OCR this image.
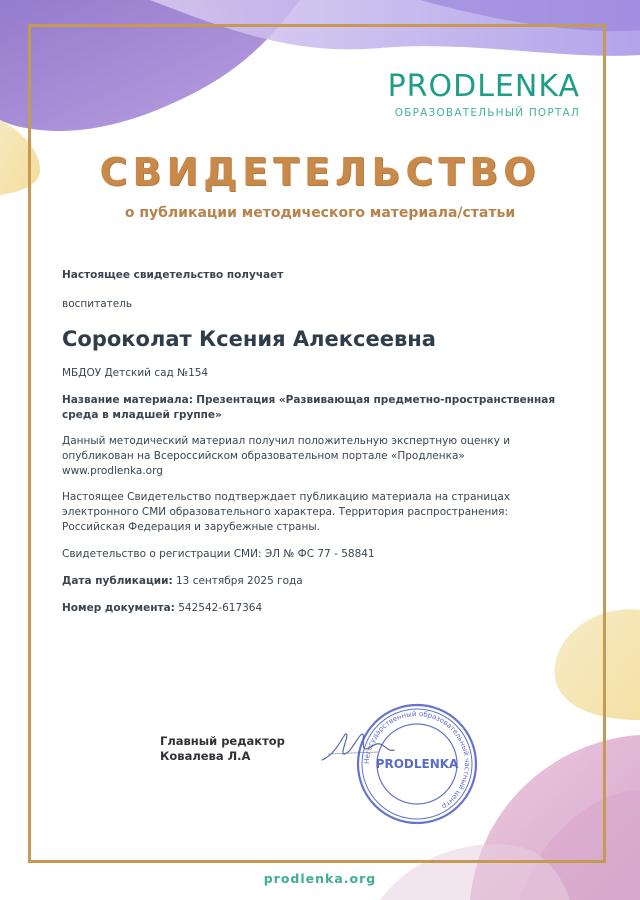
PRODLENKA
ОБРАЗОВАТЕЛЬНЫЙ ПОРТАЛ
СВИДЕТЕЛЬСТВО
о публикации методического материала/статьи

Настоящее свидетельство получает

воспитатель

Сороколат Ксения Алексеевна

МБДОУ Детский сад №154

Название материала: Презентация «Развивающая предметно-пространственная среда в младшей группе»

Данный методический материал получил положительную экспертную оценку и опубликован на Всероссийском образовательном портале «Продленка» www.prodlenka.org

Настоящее Свидетельство подтверждает публикацию материала на страницах электронного СМИ образовательного характера. Территория распространения: Российская Федерация и зарубежные страны.

Свидетельство о регистрации СМИ: ЭЛ № ФС 77 - 58841

Дата публикации: 13 сентября 2025 года

Номер документа: 542542-617364

Главный редактор
Ковалева Л.А	Негосударственный образовательный частный центр
PRODLENKA
prodlenka.org
